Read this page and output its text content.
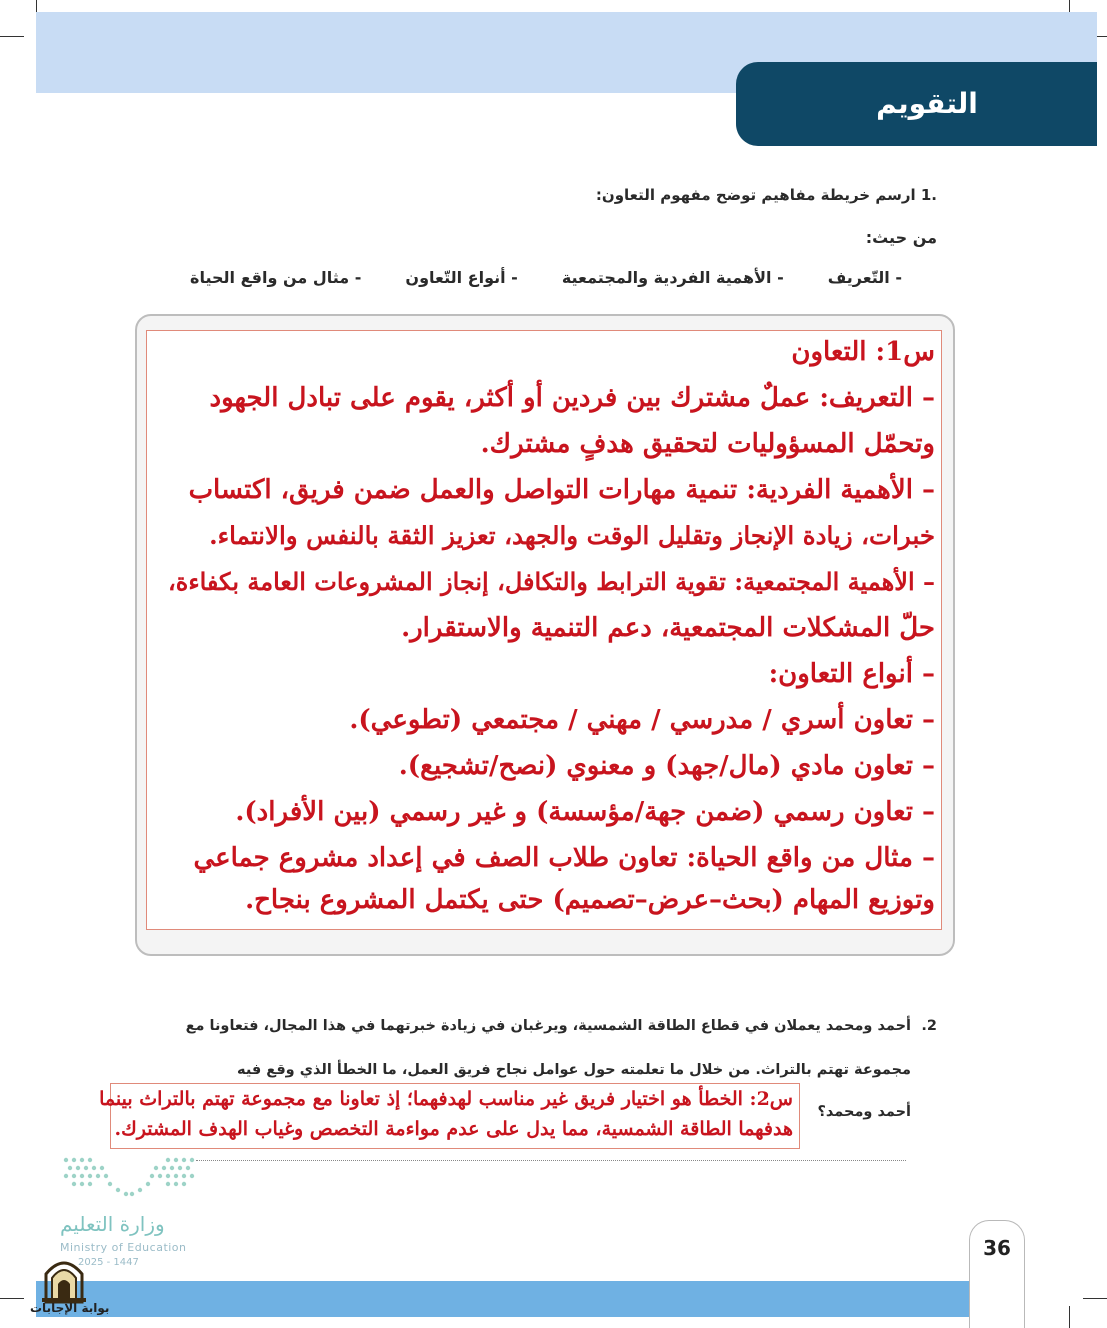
التقويم
.1 ارسم خريطة مفاهيم توضح مفهوم التعاون:
من حيث:
- التّعريف
- الأهمية الفردية والمجتمعية
- أنواع التّعاون
- مثال من واقع الحياة
س1: التعاون
– التعريف: عملٌ مشترك بين فردين أو أكثر، يقوم على تبادل الجهود
وتحمّل المسؤوليات لتحقيق هدفٍ مشترك.
– الأهمية الفردية: تنمية مهارات التواصل والعمل ضمن فريق، اكتساب
خبرات، زيادة الإنجاز وتقليل الوقت والجهد، تعزيز الثقة بالنفس والانتماء.
– الأهمية المجتمعية: تقوية الترابط والتكافل، إنجاز المشروعات العامة بكفاءة،
حلّ المشكلات المجتمعية، دعم التنمية والاستقرار.
– أنواع التعاون:
– تعاون أسري / مدرسي / مهني / مجتمعي (تطوعي).
– تعاون مادي (مال/جهد) و معنوي (نصح/تشجيع).
– تعاون رسمي (ضمن جهة/مؤسسة) و غير رسمي (بين الأفراد).
– مثال من واقع الحياة: تعاون طلاب الصف في إعداد مشروع جماعي
وتوزيع المهام (بحث–عرض–تصميم) حتى يكتمل المشروع بنجاح.
.2
أحمد ومحمد يعملان في قطاع الطاقة الشمسية، ويرغبان في زيادة خبرتهما في هذا المجال، فتعاونا مع
مجموعة تهتم بالتراث. من خلال ما تعلمته حول عوامل نجاح فريق العمل، ما الخطأ الذي وقع فيه
أحمد ومحمد؟
س2: الخطأ هو اختيار فريق غير مناسب لهدفهما؛ إذ تعاونا مع مجموعة تهتم بالتراث بينما
هدفهما الطاقة الشمسية، مما يدل على عدم مواءمة التخصص وغياب الهدف المشترك.
وزارة التعليم
Ministry of Education
2025 - 1447
36
بوابة الإجابات
